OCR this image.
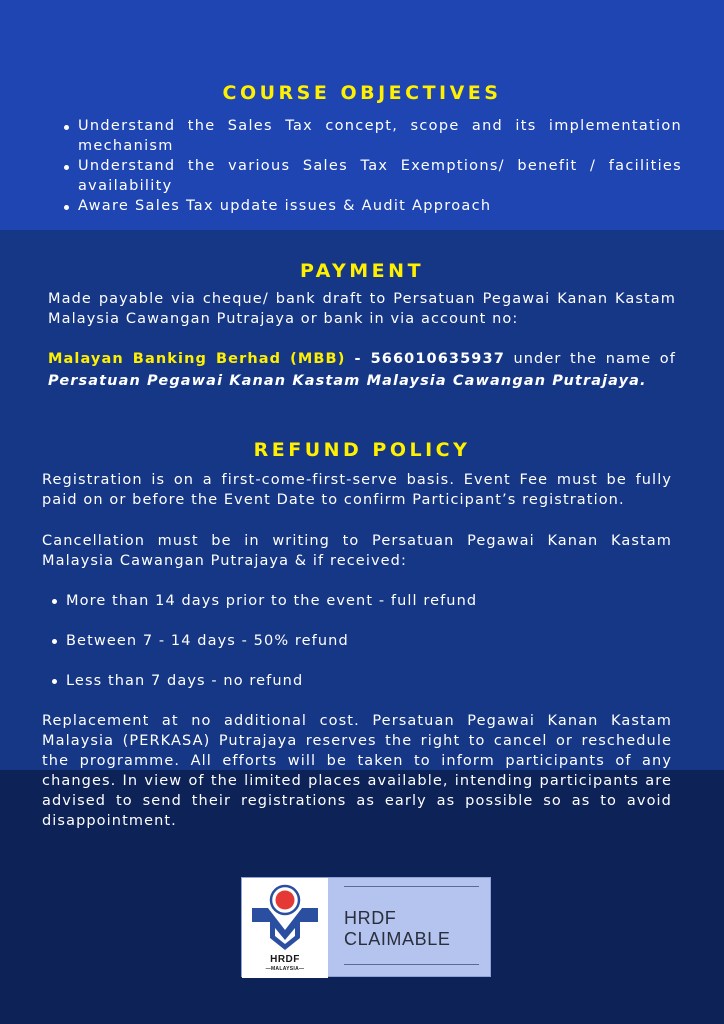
COURSE OBJECTIVES
Understand the Sales Tax concept, scope and its implementation mechanism
Understand the various Sales Tax Exemptions/ benefit / facilities availability
Aware Sales Tax update issues & Audit Approach
PAYMENT
Made payable via cheque/ bank draft to Persatuan Pegawai Kanan Kastam Malaysia Cawangan Putrajaya or bank in via account no:
Malayan Banking Berhad (MBB) - 566010635937 under the name of Persatuan Pegawai Kanan Kastam Malaysia Cawangan Putrajaya.
REFUND POLICY
Registration is on a first-come-first-serve basis. Event Fee must be fully paid on or before the Event Date to confirm Participant’s registration.
Cancellation must be in writing to Persatuan Pegawai Kanan Kastam Malaysia Cawangan Putrajaya & if received:
More than 14 days prior to the event - full refund
Between 7 - 14 days - 50% refund
Less than 7 days - no refund
Replacement at no additional cost. Persatuan Pegawai Kanan Kastam Malaysia (PERKASA) Putrajaya reserves the right to cancel or reschedule the programme. All efforts will be taken to inform participants of any changes. In view of the limited places available, intending participants are advised to send their registrations as early as possible so as to avoid disappointment.
HRDF
—MALAYSIA—
HRDF
CLAIMABLE
